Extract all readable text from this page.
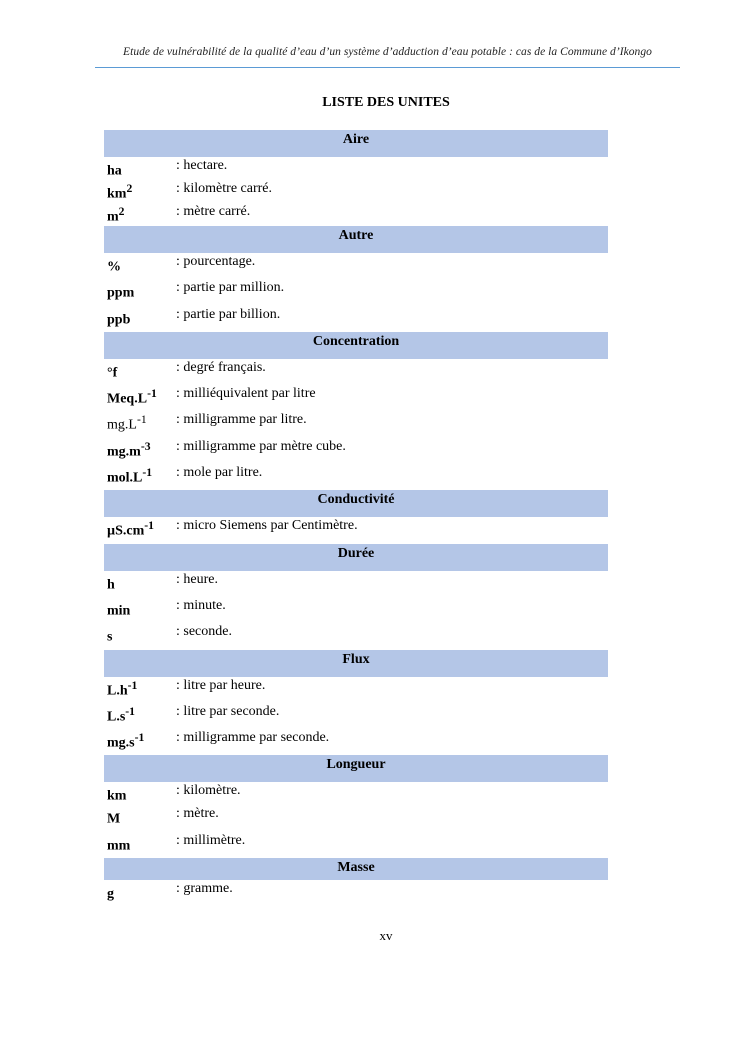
Etude de vulnérabilité de la qualité d’eau d’un système d’adduction d’eau potable : cas de la Commune d’Ikongo
LISTE DES UNITES
Aire
ha	: hectare.
$km^2$	: kilomètre carré.
$m^2$	: mètre carré.
Autre
%	: pourcentage.
ppm	: partie par million.
ppb	: partie par billion.
Concentration
°f	: degré français.
$Meq.L^{-1}$	: milliéquivalent par litre
$mg.L^{-1}$	: milligramme par litre.
$mg.m^{-3}$	: milligramme par mètre cube.
$mol.L^{-1}$	: mole par litre.
Conductivité
$\mu S.cm^{-1}$	: micro Siemens par Centimètre.
Durée
h	: heure.
min	: minute.
s	: seconde.
Flux
$L.h^{-1}$	: litre par heure.
$L.s^{-1}$	: litre par seconde.
$mg.s^{-1}$	: milligramme par seconde.
Longueur
km	: kilomètre.
M	: mètre.
mm	: millimètre.
Masse
g	: gramme.
xv
